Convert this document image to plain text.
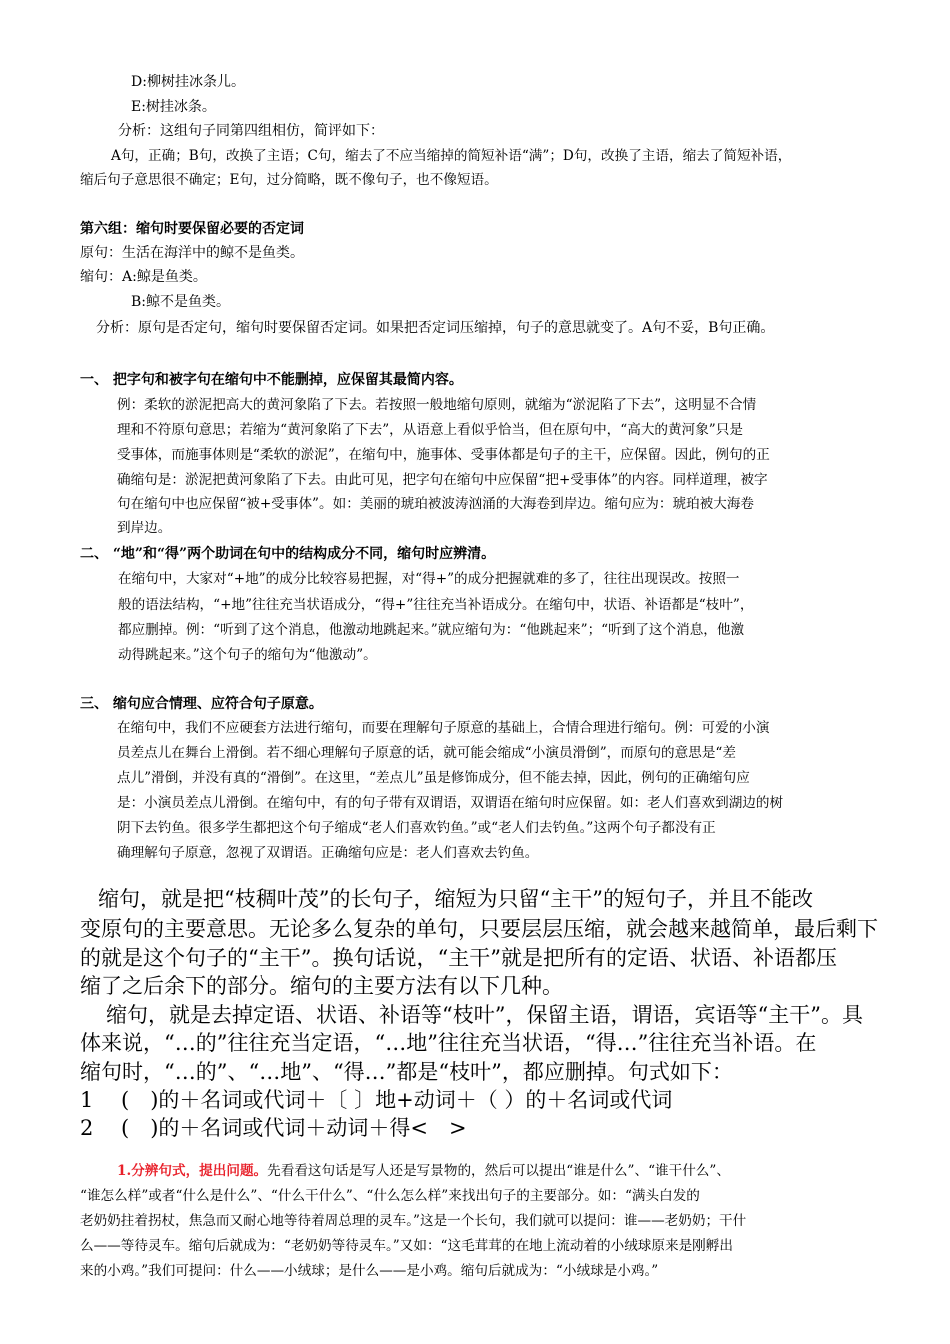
D:柳树挂冰条儿。
E:树挂冰条。
分析：这组句子同第四组相仿，简评如下：
A句，正确；B句，改换了主语；C句，缩去了不应当缩掉的简短补语“满”；D句，改换了主语，缩去了简短补语，
缩后句子意思很不确定；E句，过分简略，既不像句子，也不像短语。
第六组：缩句时要保留必要的否定词
原句：生活在海洋中的鲸不是鱼类。
缩句：A:鲸是鱼类。
B:鲸不是鱼类。
分析：原句是否定句，缩句时要保留否定词。如果把否定词压缩掉，句子的意思就变了。A句不妥，B句正确。
一、 把字句和被字句在缩句中不能删掉，应保留其最简内容。
例：柔软的淤泥把高大的黄河象陷了下去。若按照一般地缩句原则，就缩为“淤泥陷了下去”，这明显不合情
理和不符原句意思；若缩为“黄河象陷了下去”，从语意上看似乎恰当，但在原句中，“高大的黄河象”只是
受事体，而施事体则是“柔软的淤泥”，在缩句中，施事体、受事体都是句子的主干，应保留。因此，例句的正
确缩句是：淤泥把黄河象陷了下去。由此可见，把字句在缩句中应保留“把+受事体”的内容。同样道理，被字
句在缩句中也应保留“被+受事体”。如：美丽的琥珀被波涛汹涌的大海卷到岸边。缩句应为：琥珀被大海卷
到岸边。
二、 “地”和“得”两个助词在句中的结构成分不同，缩句时应辨清。
在缩句中，大家对“+地”的成分比较容易把握，对“得+”的成分把握就难的多了，往往出现误改。按照一
般的语法结构，“+地”往往充当状语成分，“得+”往往充当补语成分。在缩句中，状语、补语都是“枝叶”，
都应删掉。例：“听到了这个消息，他激动地跳起来。”就应缩句为：“他跳起来”；“听到了这个消息，他激
动得跳起来。”这个句子的缩句为“他激动”。
三、 缩句应合情理、应符合句子原意。
在缩句中，我们不应硬套方法进行缩句，而要在理解句子原意的基础上，合情合理进行缩句。例：可爱的小演
员差点儿在舞台上滑倒。若不细心理解句子原意的话，就可能会缩成“小演员滑倒”，而原句的意思是“差
点儿”滑倒，并没有真的“滑倒”。在这里，“差点儿”虽是修饰成分，但不能去掉，因此，例句的正确缩句应
是：小演员差点儿滑倒。在缩句中，有的句子带有双谓语，双谓语在缩句时应保留。如：老人们喜欢到湖边的树
阴下去钓鱼。很多学生都把这个句子缩成“老人们喜欢钓鱼。”或“老人们去钓鱼。”这两个句子都没有正
确理解句子原意，忽视了双谓语。正确缩句应是：老人们喜欢去钓鱼。
缩句，就是把“枝稠叶茂”的长句子，缩短为只留“主干”的短句子，并且不能改
变原句的主要意思。无论多么复杂的单句，只要层层压缩，就会越来越简单，最后剩下
的就是这个句子的“主干”。换句话说，“主干”就是把所有的定语、状语、补语都压
缩了之后余下的部分。缩句的主要方法有以下几种。
缩句，就是去掉定语、状语、补语等“枝叶”，保留主语，谓语，宾语等“主干”。具
体来说，“…的”往往充当定语，“…地”往往充当状语，“得…”往往充当补语。在
缩句时，“…的”、“…地”、“得…”都是“枝叶”，都应删掉。句式如下：
1　 (　)的＋名词或代词＋〔 〕地+动词＋（ ）的＋名词或代词
2　 (　)的＋名词或代词＋动词＋得<　>
1.分辨句式，提出问题。先看看这句话是写人还是写景物的，然后可以提出“谁是什么”、“谁干什么”、
“谁怎么样”或者“什么是什么”、“什么干什么”、“什么怎么样”来找出句子的主要部分。如：“满头白发的
老奶奶拄着拐杖，焦急而又耐心地等待着周总理的灵车。”这是一个长句，我们就可以提问：谁——老奶奶；干什
么——等待灵车。缩句后就成为：“老奶奶等待灵车。”又如：“这毛茸茸的在地上流动着的小绒球原来是刚孵出
来的小鸡。”我们可提问：什么——小绒球；是什么——是小鸡。缩句后就成为：“小绒球是小鸡。”
